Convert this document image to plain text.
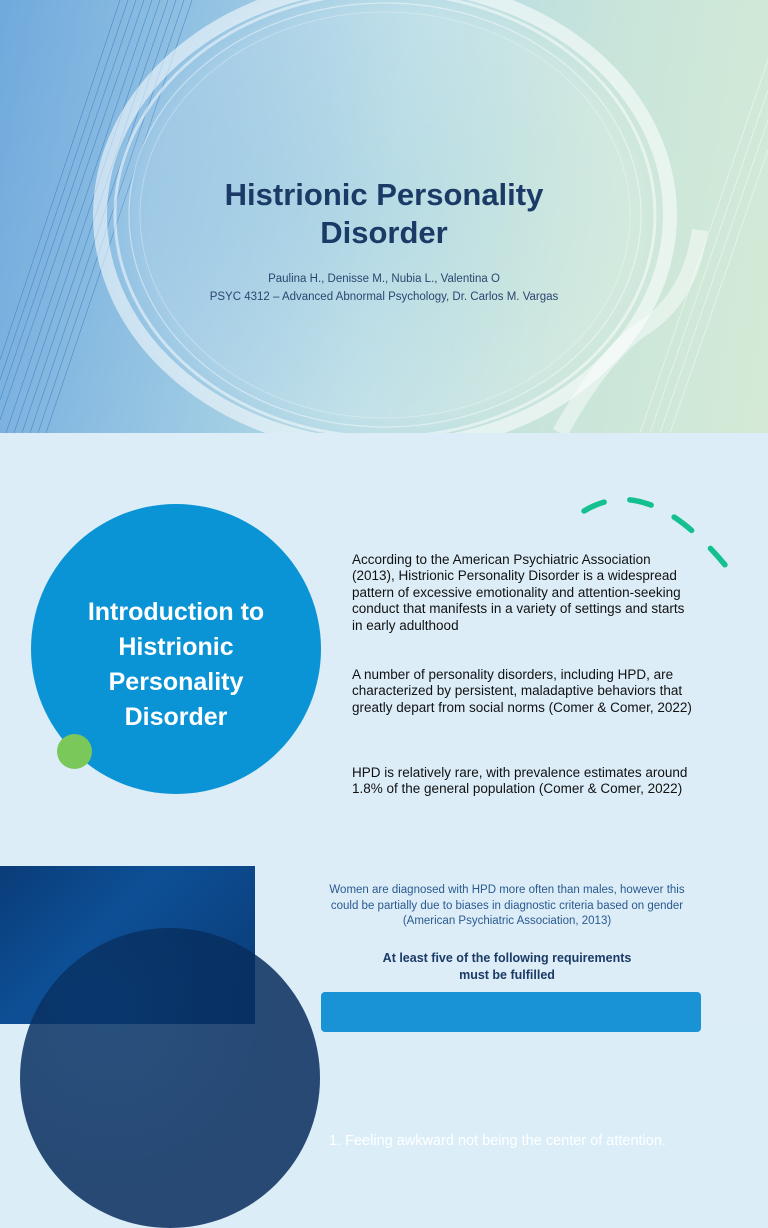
Histrionic Personality
Disorder
Paulina H., Denisse M., Nubia L., Valentina O
PSYC 4312 – Advanced Abnormal Psychology, Dr. Carlos M. Vargas
Introduction to
Histrionic
Personality
Disorder

According to the American Psychiatric Association (2013), Histrionic Personality Disorder is a widespread pattern of excessive emotionality and attention-seeking conduct that manifests in a variety of settings and starts in early adulthood

A number of personality disorders, including HPD, are characterized by persistent, maladaptive behaviors that greatly depart from social norms (Comer & Comer, 2022)

HPD is relatively rare, with prevalence estimates around 1.8% of the general population (Comer & Comer, 2022)

Women are diagnosed with HPD more often than males, however this could be partially due to biases in diagnostic criteria based on gender (American Psychiatric Association, 2013)
At least five of the following requirements
must be fulfilled
1. Feeling awkward not being the center of attention.
